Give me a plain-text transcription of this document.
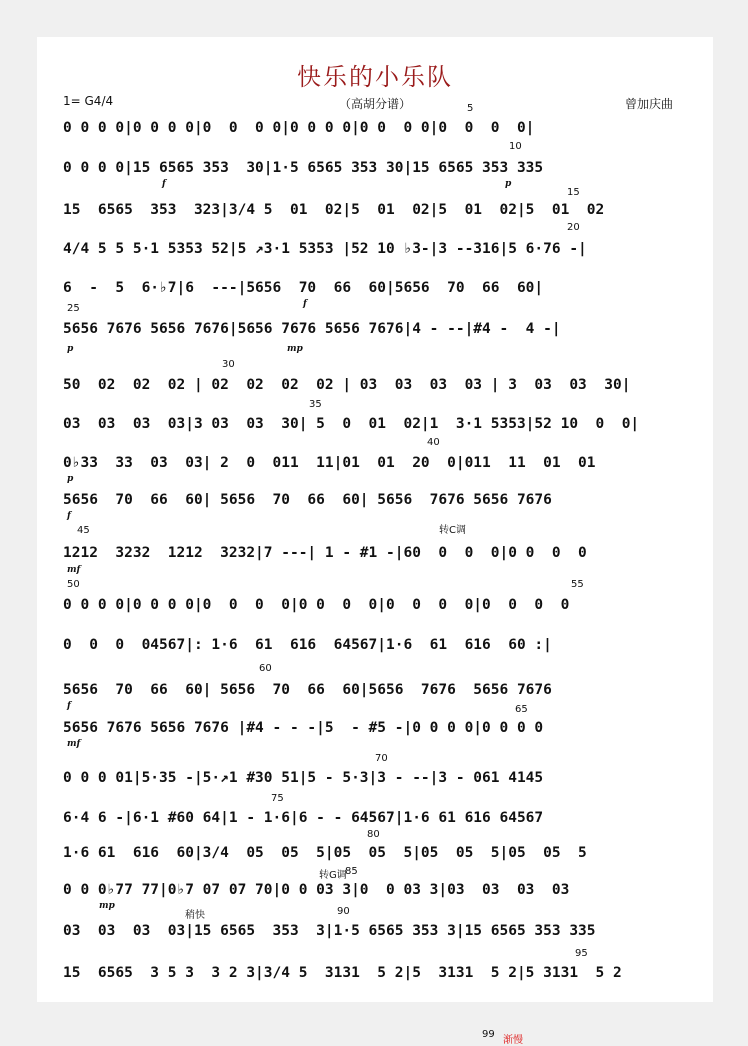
快乐的小乐队
1= G4/4	（高胡分谱）	曾加庆曲
0 0 0 0|0 0 0 0|0  0  0 0|0 0 0 0|0 0  0 0|0  0  0  0|
5
0 0 0 0|15 6565 353  30|1·5 6565 353 30|15 6565 353 335
10
f	p
15  6565  353  323|3/4 5  01  02|5  01  02|5  01  02|5  01  02
15
4/4 5 5 5·1 5353 52|5 ↗3·1 5353 |52 10 ♭3-|3 --316|5 6·76 -|
20
6  -  5  6·♭7|6  ---|5656  70  66  60|5656  70  66  60|
f
5656 7676 5656 7676|5656 7676 5656 7676|4 - --|#4 -  4 -|
25
p	mp
50  02  02  02 | 02  02  02  02 | 03  03  03  03 | 3  03  03  30|
30
03  03  03  03|3 03  03  30| 5  0  01  02|1  3·1 5353|52 10  0  0|
35
40
0♭33  33  03  03| 2  0  011  11|01  01  20  0|011  11  01  01
p
5656  70  66  60| 5656  70  66  60| 5656  7676 5656 7676
f
1212  3232  1212  3232|7 ---| 1 - #1 -|60  0  0  0|0 0  0  0
45	转C调
mf
0 0 0 0|0 0 0 0|0  0  0  0|0 0  0  0|0  0  0  0|0  0  0  0
50	55
0  0  0  04567|: 1·6  61  616  64567|1·6  61  616  60 :|
5656  70  66  60| 5656  70  66  60|5656  7676  5656 7676
60
f
5656 7676 5656 7676 |#4 - - -|5  - #5 -|0 0 0 0|0 0 0 0
65
mf
0 0 0 01|5·35 -|5·↗1 #30 51|5 - 5·3|3 - --|3 - 061 4145
70
6·4 6 -|6·1 #60 64|1 - 1·6|6 - - 64567|1·6 61 616 64567
75
1·6 61  616  60|3/4  05  05  5|05  05  5|05  05  5|05  05  5
80
0 0 0♭77 77|0♭7 07 07 70|0 0 03 3|0  0 03 3|03  03  03  03
转G调
85
mp
03  03  03  03|15 6565  353  3|1·5 6565 353 3|15 6565 353 335
稍快	90
15  6565  3 5 3  3 2 3|3/4 5  3131  5 2|5  3131  5 2|5 3131  5 2
95
99
渐慢
